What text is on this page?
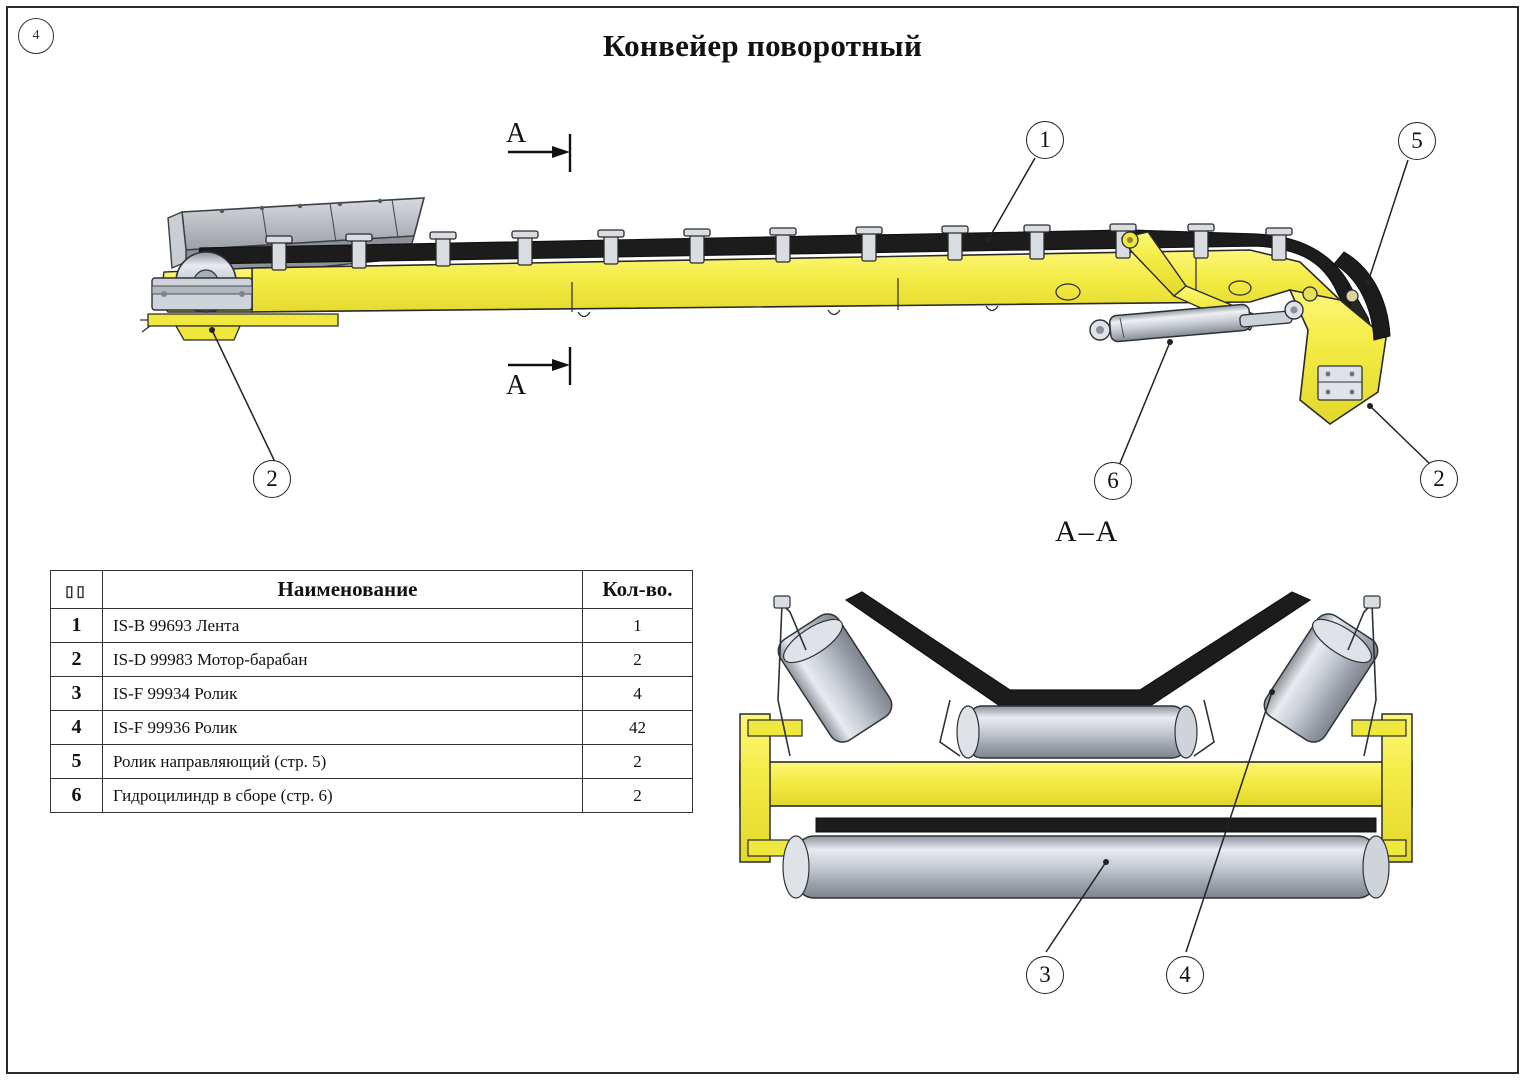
4	Конвейер поворотный
А
А
А–А
1	5
2	6	2
3	4
▯▯	Наименование	Кол-во.
1	IS-B 99693 Лента	1
2	IS-D 99983 Мотор-барабан	2
3	IS-F 99934 Ролик	4
4	IS-F 99936 Ролик	42
5	Ролик направляющий (стр. 5)	2
6	Гидроцилиндр в сборе (стр. 6)	2
